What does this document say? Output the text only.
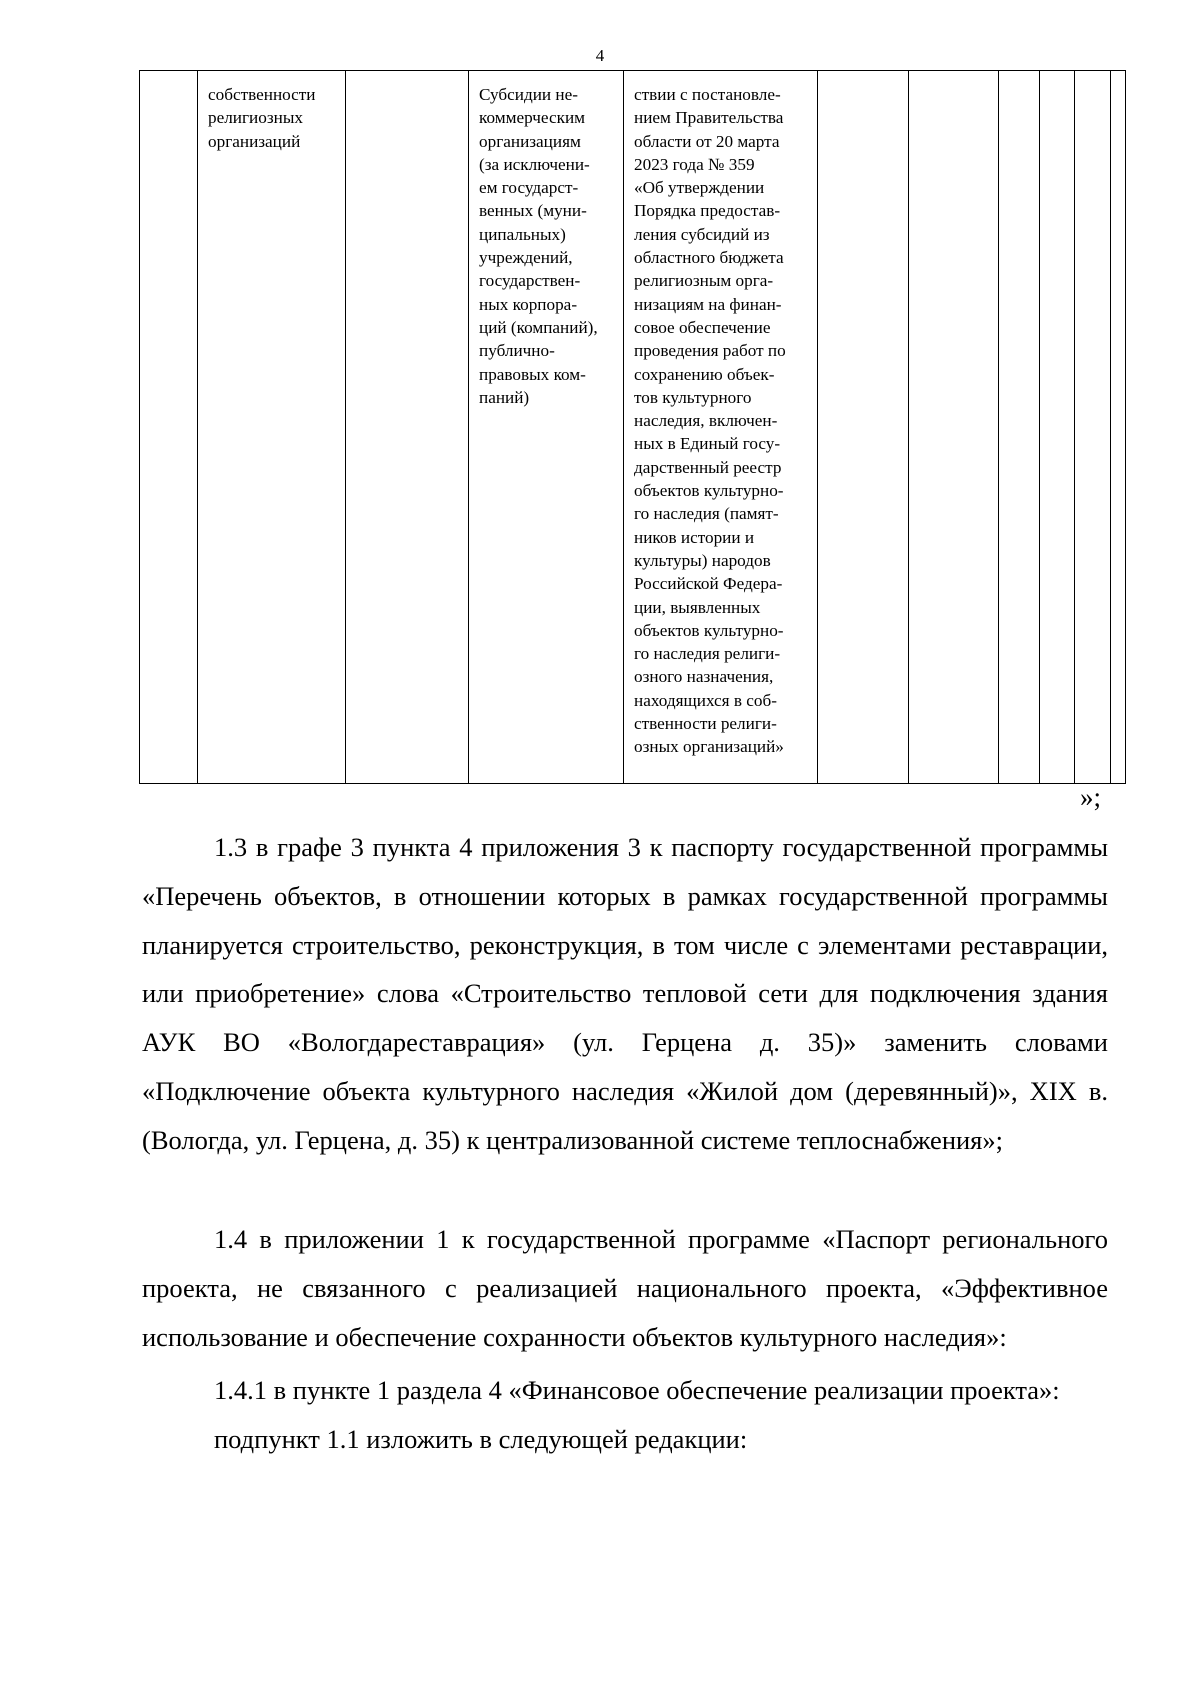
4
	собственности
религиозных
организаций		Субсидии не-
коммерческим
организациям
(за исключени-
ем государст-
венных (муни-
ципальных)
учреждений,
государствен-
ных корпора-
ций (компаний),
публично-
правовых ком-
паний)	ствии с постановле-
нием Правительства
области от 20 марта
2023 года № 359
«Об утверждении
Порядка предостав-
ления субсидий из
областного бюджета
религиозным орга-
низациям на финан-
совое обеспечение
проведения работ по
сохранению объек-
тов культурного
наследия, включен-
ных в Единый госу-
дарственный реестр
объектов культурно-
го наследия (памят-
ников истории и
культуры) народов
Российской Федера-
ции, выявленных
объектов культурно-
го наследия религи-
озного назначения,
находящихся в соб-
ственности религи-
озных организаций»						
»;

1.3 в графе 3 пункта 4 приложения 3 к паспорту государственной программы «Перечень объектов, в отношении которых в рамках государственной программы планируется строительство, реконструкция, в том числе с элементами реставрации, или приобретение» слова «Строительство тепловой сети для подключения здания АУК ВО «Вологдареставрация» (ул. Герцена д. 35)» заменить словами «Подключение объекта культурного наследия «Жилой дом (деревянный)», XIX в. (Вологда, ул. Герцена, д. 35) к централизованной системе теплоснабжения»;

1.4 в приложении 1 к государственной программе «Паспорт регионального проекта, не связанного с реализацией национального проекта, «Эффективное использование и обеспечение сохранности объектов культурного наследия»:

1.4.1 в пункте 1 раздела 4 «Финансовое обеспечение реализации проекта»:

подпункт 1.1 изложить в следующей редакции:
